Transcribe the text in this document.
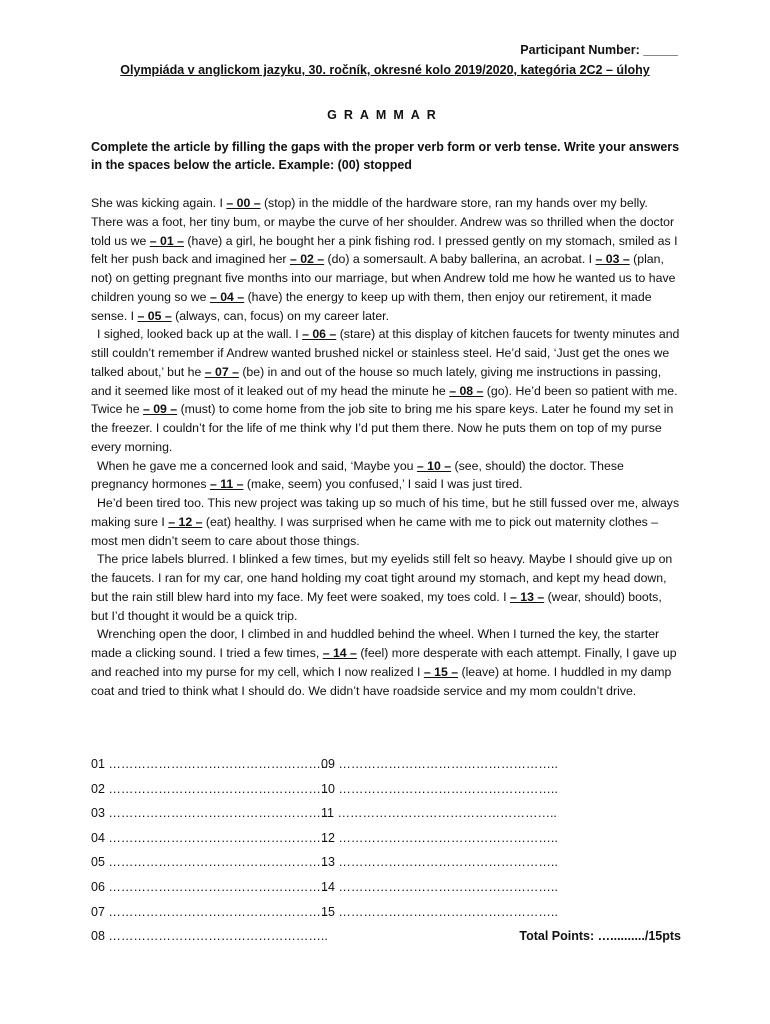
Participant Number: _____
Olympiáda v anglickom jazyku, 30. ročník, okresné kolo 2019/2020, kategória 2C2 – úlohy
GRAMMAR
Complete the article by filling the gaps with the proper verb form or verb tense. Write your answers in the spaces below the article. Example: (00) stopped

She was kicking again. I – 00 – (stop) in the middle of the hardware store, ran my hands over my belly. There was a foot, her tiny bum, or maybe the curve of her shoulder. Andrew was so thrilled when the doctor told us we – 01 – (have) a girl, he bought her a pink fishing rod. I pressed gently on my stomach, smiled as I felt her push back and imagined her – 02 – (do) a somersault. A baby ballerina, an acrobat. I – 03 – (plan, not) on getting pregnant five months into our marriage, but when Andrew told me how he wanted us to have children young so we – 04 – (have) the energy to keep up with them, then enjoy our retirement, it made sense. I – 05 – (always, can, focus) on my career later.

I sighed, looked back up at the wall. I – 06 – (stare) at this display of kitchen faucets for twenty minutes and still couldn’t remember if Andrew wanted brushed nickel or stainless steel. He’d said, ‘Just get the ones we talked about,’ but he – 07 – (be) in and out of the house so much lately, giving me instructions in passing, and it seemed like most of it leaked out of my head the minute he – 08 – (go). He’d been so patient with me. Twice he – 09 – (must) to come home from the job site to bring me his spare keys. Later he found my set in the freezer. I couldn’t for the life of me think why I’d put them there. Now he puts them on top of my purse every morning.

When he gave me a concerned look and said, ‘Maybe you – 10 – (see, should) the doctor. These pregnancy hormones – 11 – (make, seem) you confused,’ I said I was just tired.

He’d been tired too. This new project was taking up so much of his time, but he still fussed over me, always making sure I – 12 – (eat) healthy. I was surprised when he came with me to pick out maternity clothes – most men didn’t seem to care about those things.

The price labels blurred. I blinked a few times, but my eyelids still felt so heavy. Maybe I should give up on the faucets. I ran for my car, one hand holding my coat tight around my stomach, and kept my head down, but the rain still blew hard into my face. My feet were soaked, my toes cold. I – 13 – (wear, should) boots, but I’d thought it would be a quick trip.

Wrenching open the door, I climbed in and huddled behind the wheel. When I turned the key, the starter made a clicking sound. I tried a few times, – 14 – (feel) more desperate with each attempt. Finally, I gave up and reached into my purse for my cell, which I now realized I – 15 – (leave) at home. I huddled in my damp coat and tried to think what I should do. We didn’t have roadside service and my mom couldn’t drive.

01 ……………………………………………..
09 ……………………………………………..
02 ……………………………………………..
10 ……………………………………………..
03 ……………………………………………..
11 ……………………………………………..
04 ……………………………………………..
12 ……………………………………………..
05 ……………………………………………..
13 ……………………………………………..
06 ……………………………………………..
14 ……………………………………………..
07 ……………………………………………..
15 ……………………………………………..
08 ……………………………………………..	Total Points: …........../15pts
